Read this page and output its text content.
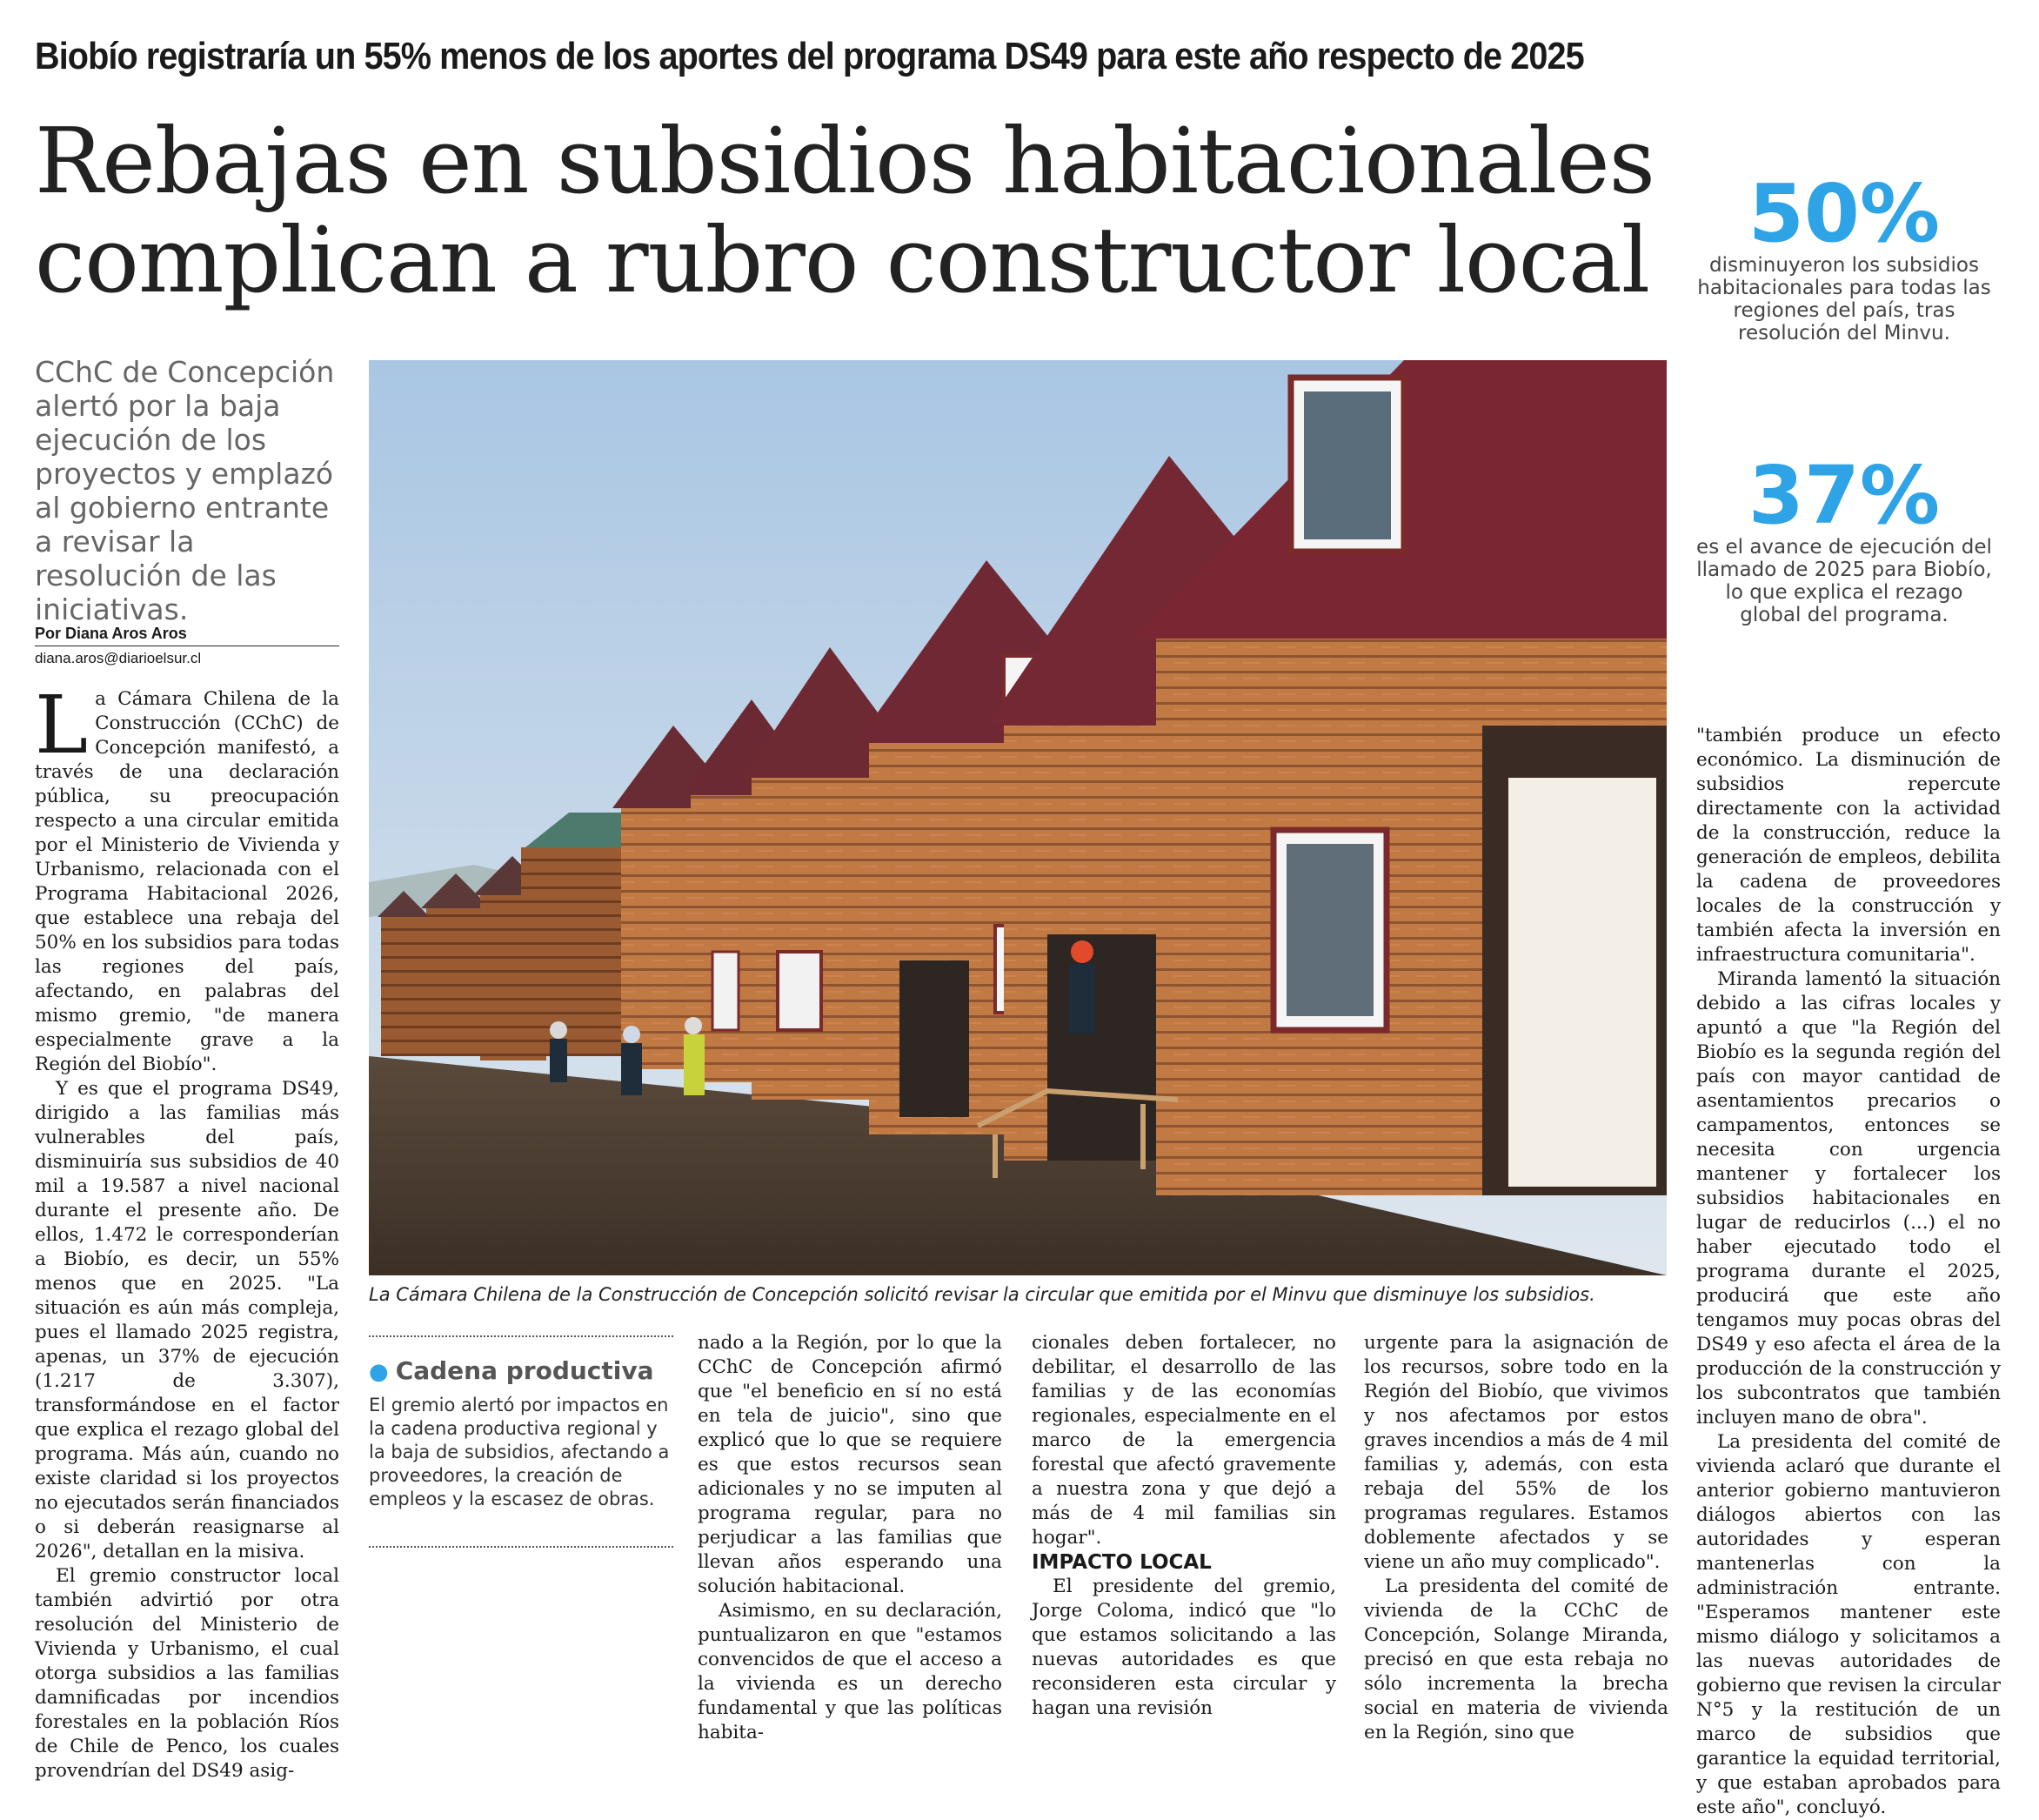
Biobío registraría un 55% menos de los aportes del programa DS49 para este año respecto de 2025
Rebajas en subsidios habitacionales
complican a rubro constructor local
CChC de Concepción alertó por la baja ejecución de los proyectos y emplazó al gobierno entrante a revisar la resolución de las iniciativas.
Por Diana Aros Aros
diana.aros@diarioelsur.cl
La Cámara Chilena de la Construcción de Concepción solicitó revisar la circular que emitida por el Minvu que disminuye los subsidios.
50%
disminuyeron los subsidios habitacionales para todas las regiones del país, tras resolución del Minvu.
37%
es el avance de ejecución del llamado de 2025 para Biobío, lo que explica el rezago global del programa.

La Cámara Chilena de la Construcción (CChC) de Concepción manifestó, a través de una declaración pública, su preocupación respecto a una circular emitida por el Ministerio de Vivienda y Urbanismo, relacionada con el Programa Habitacional 2026, que establece una rebaja del 50% en los subsidios para todas las regiones del país, afectando, en palabras del mismo gremio, "de manera especialmente grave a la Región del Biobío".

Y es que el programa DS49, dirigido a las familias más vulnerables del país, disminuiría sus subsidios de 40 mil a 19.587 a nivel nacional durante el presente año. De ellos, 1.472 le corresponderían a Biobío, es decir, un 55% menos que en 2025. "La situación es aún más compleja, pues el llamado 2025 registra, apenas, un 37% de ejecución (1.217 de 3.307), transformándose en el factor que explica el rezago global del programa. Más aún, cuando no existe claridad si los proyectos no ejecutados serán financiados o si deberán reasignarse al 2026", detallan en la misiva.

El gremio constructor local también advirtió por otra resolución del Ministerio de Vivienda y Urbanismo, el cual otorga subsidios a las familias damnificadas por incendios forestales en la población Ríos de Chile de Penco, los cuales provendrían del DS49 asig-

● Cadena productiva
El gremio alertó por impactos en la cadena productiva regional y la baja de subsidios, afectando a proveedores, la creación de empleos y la escasez de obras.

nado a la Región, por lo que la CChC de Concepción afirmó que "el beneficio en sí no está en tela de juicio", sino que explicó que lo que se requiere es que estos recursos sean adicionales y no se imputen al programa regular, para no perjudicar a las familias que llevan años esperando una solución habitacional.

Asimismo, en su declaración, puntualizaron en que "estamos convencidos de que el acceso a la vivienda es un derecho fundamental y que las políticas habita-

cionales deben fortalecer, no debilitar, el desarrollo de las familias y de las economías regionales, especialmente en el marco de la emergencia forestal que afectó gravemente a nuestra zona y que dejó a más de 4 mil familias sin hogar".

IMPACTO LOCAL

El presidente del gremio, Jorge Coloma, indicó que "lo que estamos solicitando a las nuevas autoridades es que reconsideren esta circular y hagan una revisión

urgente para la asignación de los recursos, sobre todo en la Región del Biobío, que vivimos y nos afectamos por estos graves incendios a más de 4 mil familias y, además, con esta rebaja del 55% de los programas regulares. Estamos doblemente afectados y se viene un año muy complicado".

La presidenta del comité de vivienda de la CChC de Concepción, Solange Miranda, precisó en que esta rebaja no sólo incrementa la brecha social en materia de vivienda en la Región, sino que

"también produce un efecto económico. La disminución de subsidios repercute directamente con la actividad de la construcción, reduce la generación de empleos, debilita la cadena de proveedores locales de la construcción y también afecta la inversión en infraestructura comunitaria".

Miranda lamentó la situación debido a las cifras locales y apuntó a que "la Región del Biobío es la segunda región del país con mayor cantidad de asentamientos precarios o campamentos, entonces se necesita con urgencia mantener y fortalecer los subsidios habitacionales en lugar de reducirlos (...) el no haber ejecutado todo el programa durante el 2025, producirá que este año tengamos muy pocas obras del DS49 y eso afecta el área de la producción de la construcción y los subcontratos que también incluyen mano de obra".

La presidenta del comité de vivienda aclaró que durante el anterior gobierno mantuvieron diálogos abiertos con las autoridades y esperan mantenerlas con la administración entrante. "Esperamos mantener este mismo diálogo y solicitamos a las nuevas autoridades de gobierno que revisen la circular N°5 y la restitución de un marco de subsidios que garantice la equidad territorial, y que estaban aprobados para este año", concluyó.
